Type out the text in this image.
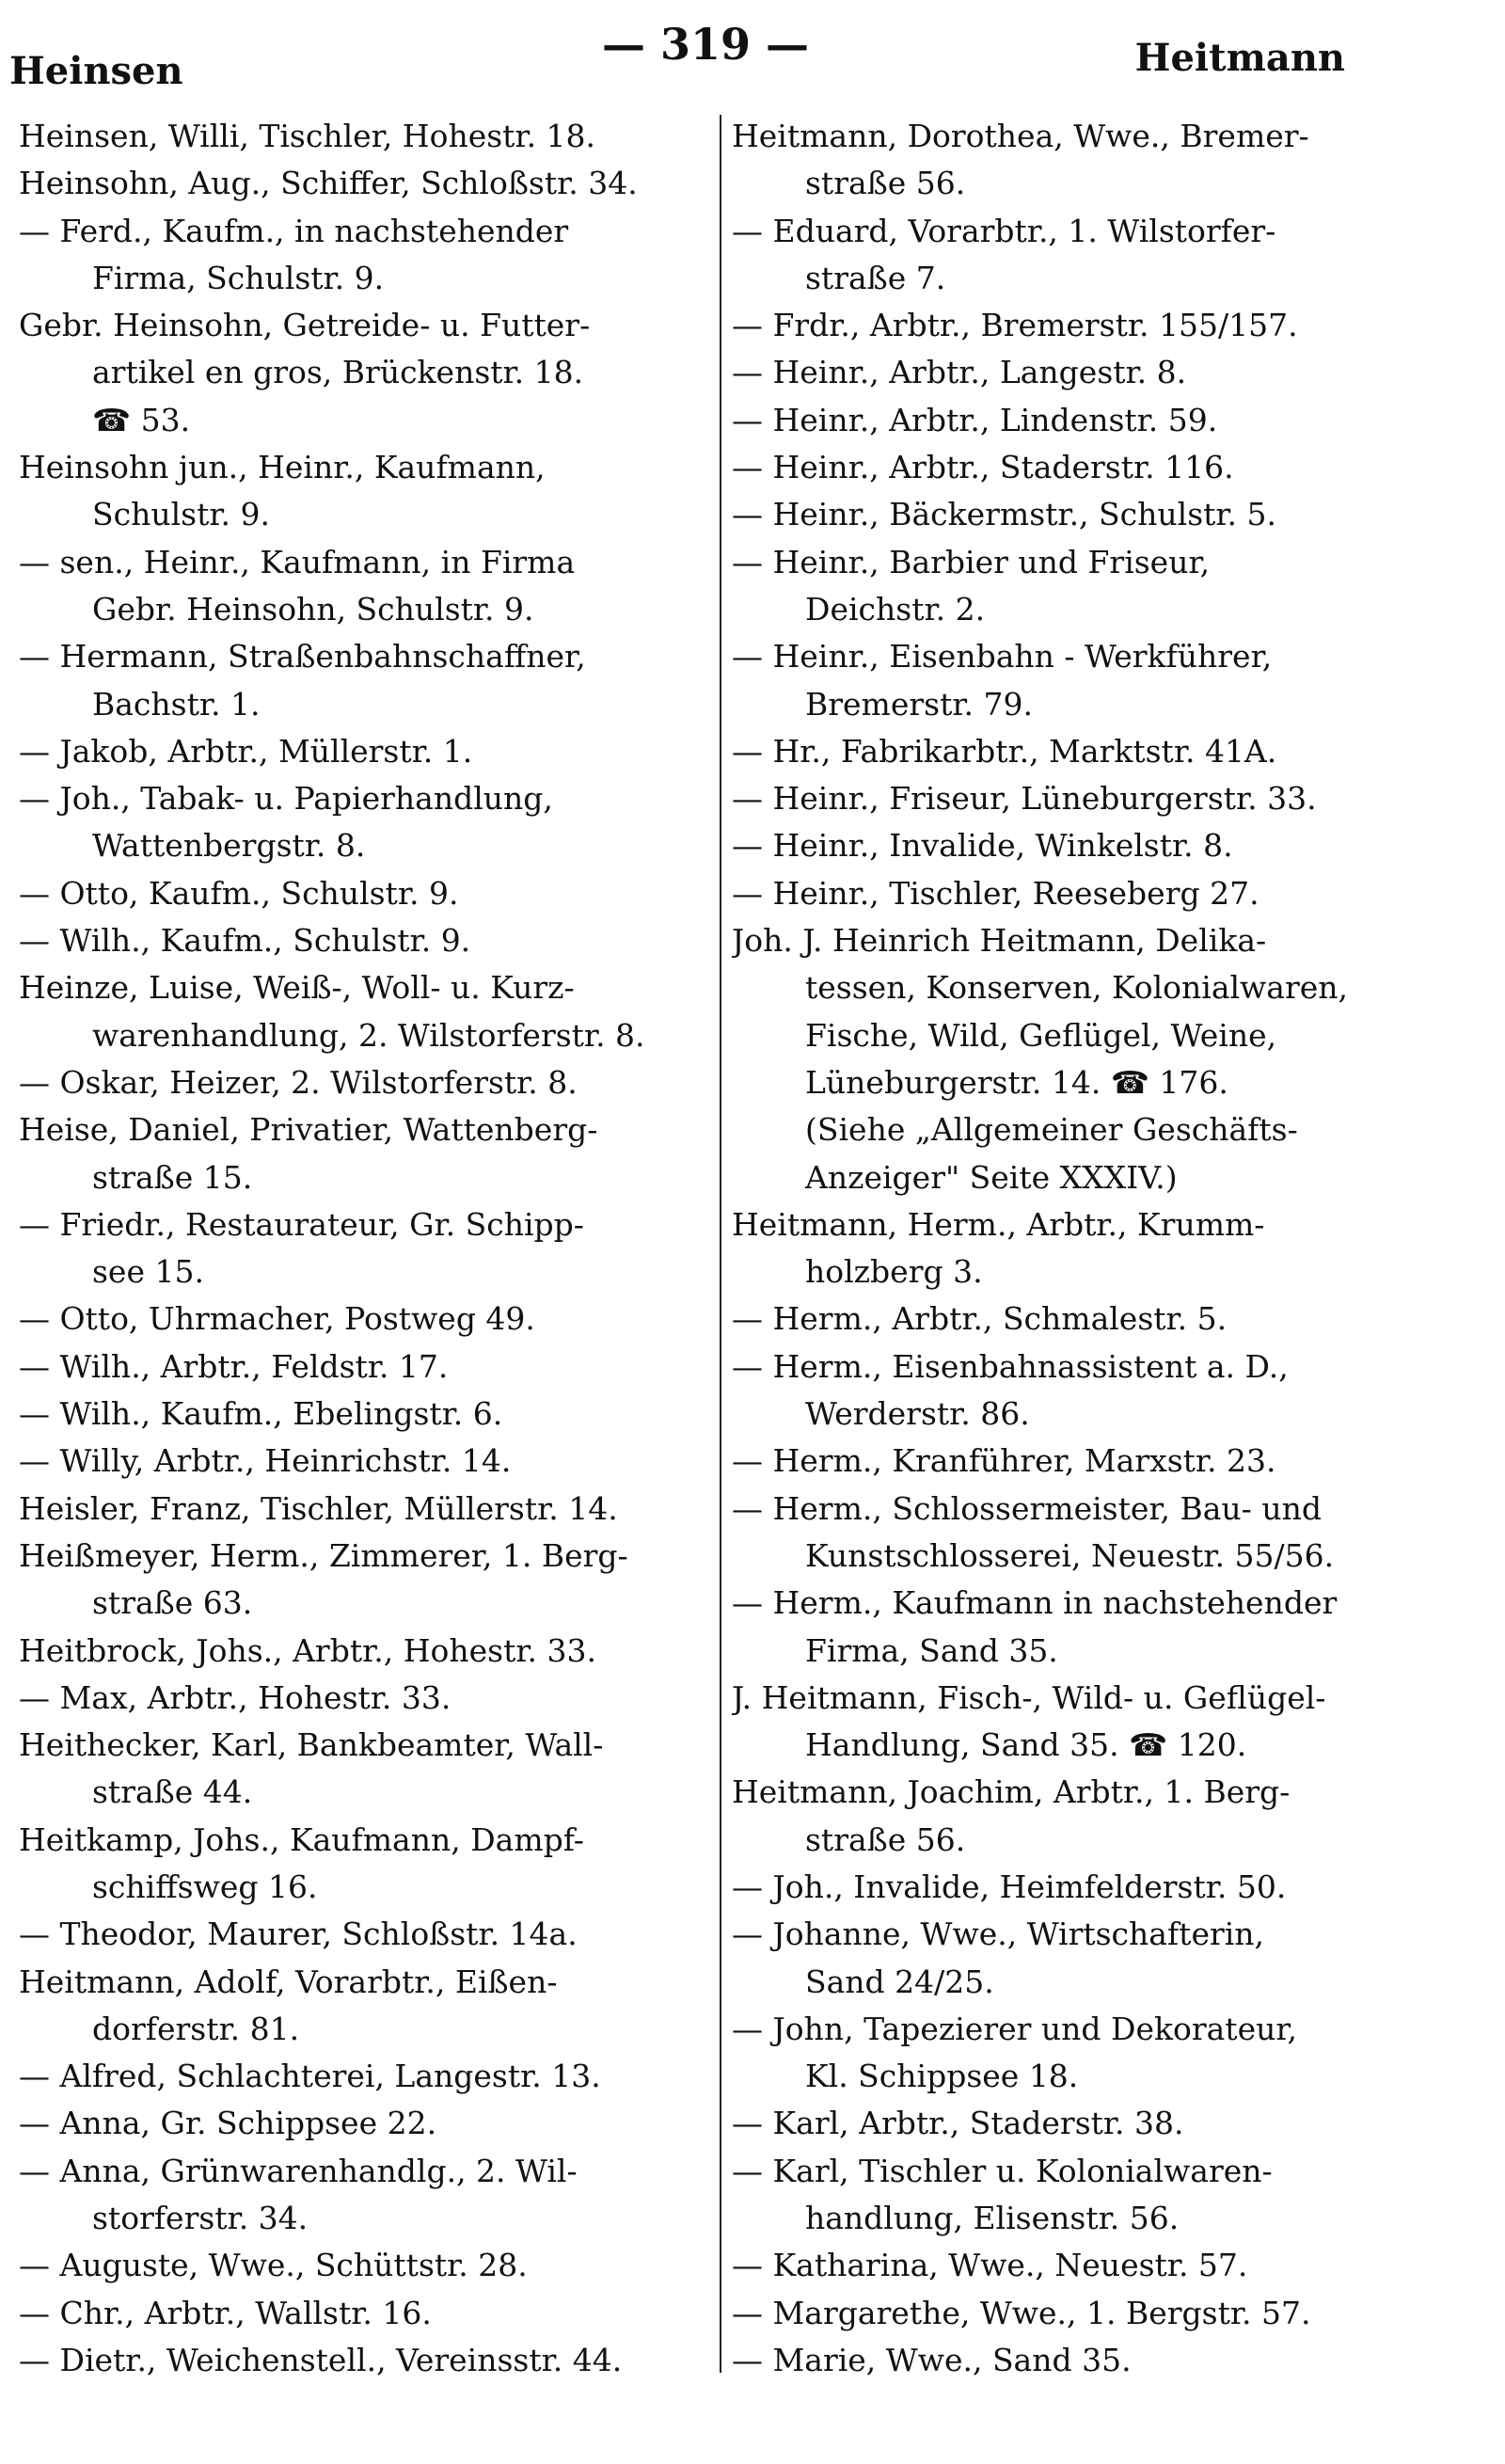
Heinsen
— 319 —	Heitmann
Heinsen, Willi, Tischler, Hohestr. 18.
Heinsohn, Aug., Schiffer, Schloßstr. 34.
— Ferd., Kaufm., in nachstehender
Firma, Schulstr. 9.
Gebr. Heinsohn, Getreide- u. Futter-
artikel en gros, Brückenstr. 18.
☎ 53.
Heinsohn jun., Heinr., Kaufmann,
Schulstr. 9.
— sen., Heinr., Kaufmann, in Firma
Gebr. Heinsohn, Schulstr. 9.
— Hermann, Straßenbahnschaffner,
Bachstr. 1.
— Jakob, Arbtr., Müllerstr. 1.
— Joh., Tabak- u. Papierhandlung,
Wattenbergstr. 8.
— Otto, Kaufm., Schulstr. 9.
— Wilh., Kaufm., Schulstr. 9.
Heinze, Luise, Weiß-, Woll- u. Kurz-
warenhandlung, 2. Wilstorferstr. 8.
— Oskar, Heizer, 2. Wilstorferstr. 8.
Heise, Daniel, Privatier, Wattenberg-
straße 15.
— Friedr., Restaurateur, Gr. Schipp-
see 15.
— Otto, Uhrmacher, Postweg 49.
— Wilh., Arbtr., Feldstr. 17.
— Wilh., Kaufm., Ebelingstr. 6.
— Willy, Arbtr., Heinrichstr. 14.
Heisler, Franz, Tischler, Müllerstr. 14.
Heißmeyer, Herm., Zimmerer, 1. Berg-
straße 63.
Heitbrock, Johs., Arbtr., Hohestr. 33.
— Max, Arbtr., Hohestr. 33.
Heithecker, Karl, Bankbeamter, Wall-
straße 44.
Heitkamp, Johs., Kaufmann, Dampf-
schiffsweg 16.
— Theodor, Maurer, Schloßstr. 14a.
Heitmann, Adolf, Vorarbtr., Eißen-
dorferstr. 81.
— Alfred, Schlachterei, Langestr. 13.
— Anna, Gr. Schippsee 22.
— Anna, Grünwarenhandlg., 2. Wil-
storferstr. 34.
— Auguste, Wwe., Schüttstr. 28.
— Chr., Arbtr., Wallstr. 16.
— Dietr., Weichenstell., Vereinsstr. 44.
Heitmann, Dorothea, Wwe., Bremer-
straße 56.
— Eduard, Vorarbtr., 1. Wilstorfer-
straße 7.
— Frdr., Arbtr., Bremerstr. 155/157.
— Heinr., Arbtr., Langestr. 8.
— Heinr., Arbtr., Lindenstr. 59.
— Heinr., Arbtr., Staderstr. 116.
— Heinr., Bäckermstr., Schulstr. 5.
— Heinr., Barbier und Friseur,
Deichstr. 2.
— Heinr., Eisenbahn - Werkführer,
Bremerstr. 79.
— Hr., Fabrikarbtr., Marktstr. 41A.
— Heinr., Friseur, Lüneburgerstr. 33.
— Heinr., Invalide, Winkelstr. 8.
— Heinr., Tischler, Reeseberg 27.
Joh. J. Heinrich Heitmann, Delika-
tessen, Konserven, Kolonialwaren,
Fische, Wild, Geflügel, Weine,
Lüneburgerstr. 14. ☎ 176.
(Siehe „Allgemeiner Geschäfts-
Anzeiger" Seite XXXIV.)
Heitmann, Herm., Arbtr., Krumm-
holzberg 3.
— Herm., Arbtr., Schmalestr. 5.
— Herm., Eisenbahnassistent a. D.,
Werderstr. 86.
— Herm., Kranführer, Marxstr. 23.
— Herm., Schlossermeister, Bau- und
Kunstschlosserei, Neuestr. 55/56.
— Herm., Kaufmann in nachstehender
Firma, Sand 35.
J. Heitmann, Fisch-, Wild- u. Geflügel-
Handlung, Sand 35. ☎ 120.
Heitmann, Joachim, Arbtr., 1. Berg-
straße 56.
— Joh., Invalide, Heimfelderstr. 50.
— Johanne, Wwe., Wirtschafterin,
Sand 24/25.
— John, Tapezierer und Dekorateur,
Kl. Schippsee 18.
— Karl, Arbtr., Staderstr. 38.
— Karl, Tischler u. Kolonialwaren-
handlung, Elisenstr. 56.
— Katharina, Wwe., Neuestr. 57.
— Margarethe, Wwe., 1. Bergstr. 57.
— Marie, Wwe., Sand 35.
